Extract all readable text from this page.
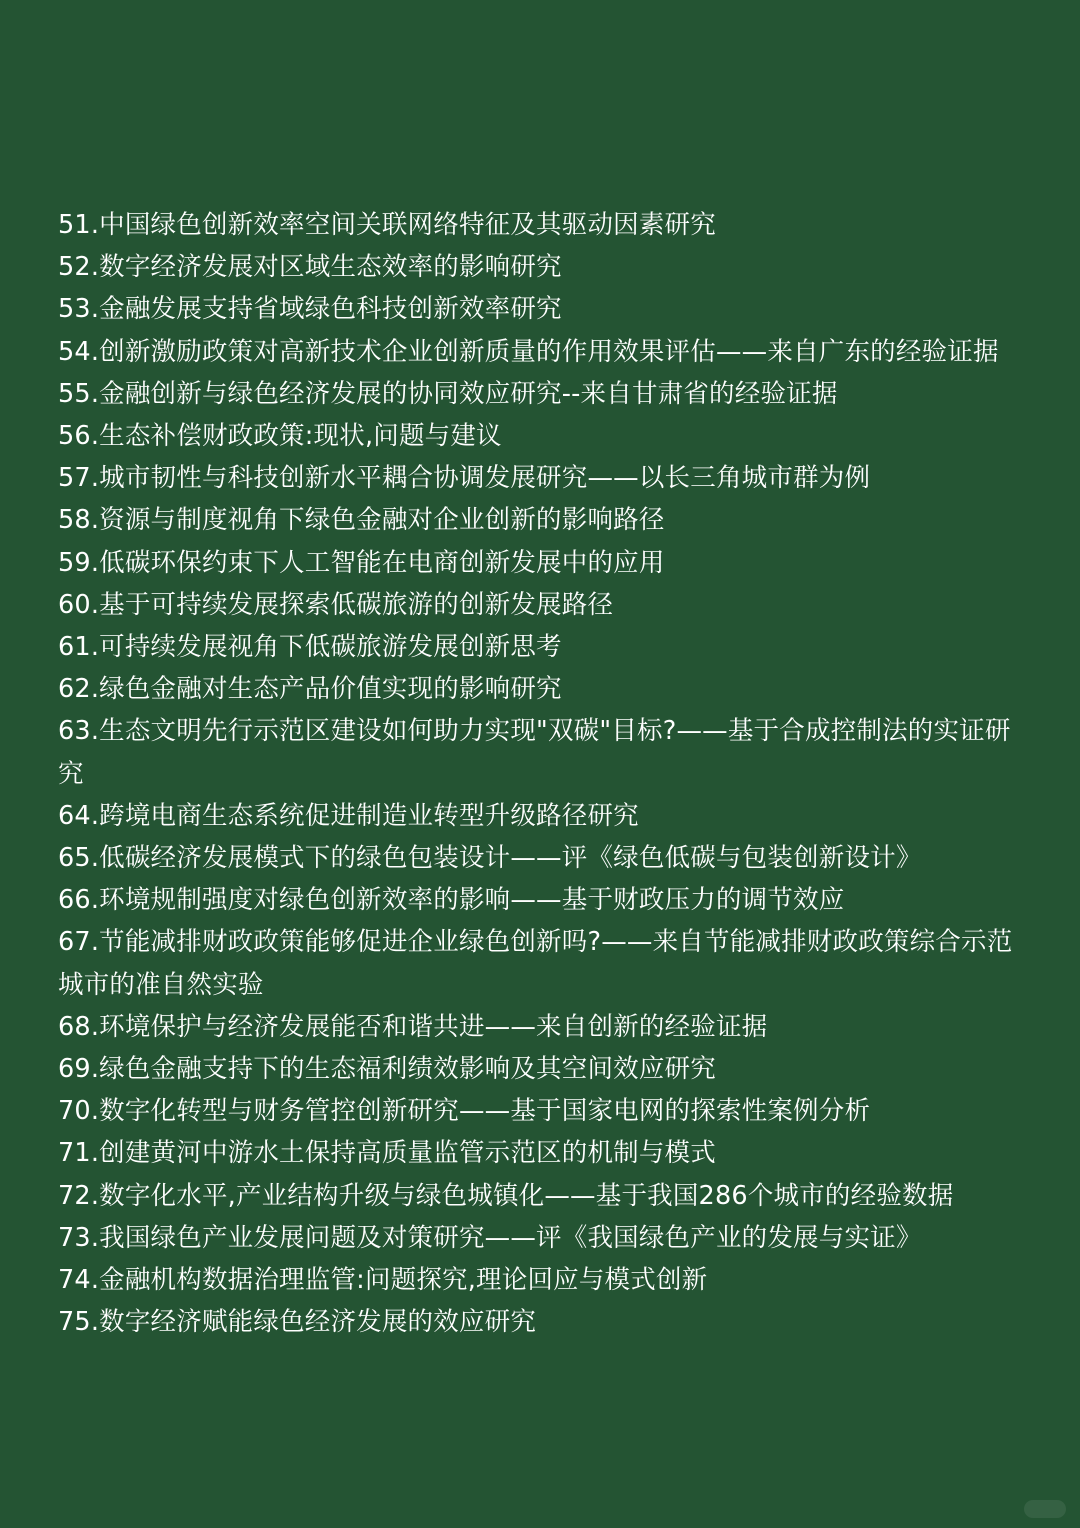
51.中国绿色创新效率空间关联网络特征及其驱动因素研究

52.数字经济发展对区域生态效率的影响研究

53.金融发展支持省域绿色科技创新效率研究

54.创新激励政策对高新技术企业创新质量的作用效果评估——来自广东的经验证据

55.金融创新与绿色经济发展的协同效应研究--来自甘肃省的经验证据

56.生态补偿财政政策:现状,问题与建议

57.城市韧性与科技创新水平耦合协调发展研究——以长三角城市群为例

58.资源与制度视角下绿色金融对企业创新的影响路径

59.低碳环保约束下人工智能在电商创新发展中的应用

60.基于可持续发展探索低碳旅游的创新发展路径

61.可持续发展视角下低碳旅游发展创新思考

62.绿色金融对生态产品价值实现的影响研究

63.生态文明先行示范区建设如何助力实现"双碳"目标?——基于合成控制法的实证研究

64.跨境电商生态系统促进制造业转型升级路径研究

65.低碳经济发展模式下的绿色包装设计——评《绿色低碳与包装创新设计》

66.环境规制强度对绿色创新效率的影响——基于财政压力的调节效应

67.节能减排财政政策能够促进企业绿色创新吗?——来自节能减排财政政策综合示范城市的准自然实验

68.环境保护与经济发展能否和谐共进——来自创新的经验证据

69.绿色金融支持下的生态福利绩效影响及其空间效应研究

70.数字化转型与财务管控创新研究——基于国家电网的探索性案例分析

71.创建黄河中游水土保持高质量监管示范区的机制与模式

72.数字化水平,产业结构升级与绿色城镇化——基于我国286个城市的经验数据

73.我国绿色产业发展问题及对策研究——评《我国绿色产业的发展与实证》

74.金融机构数据治理监管:问题探究,理论回应与模式创新

75.数字经济赋能绿色经济发展的效应研究
